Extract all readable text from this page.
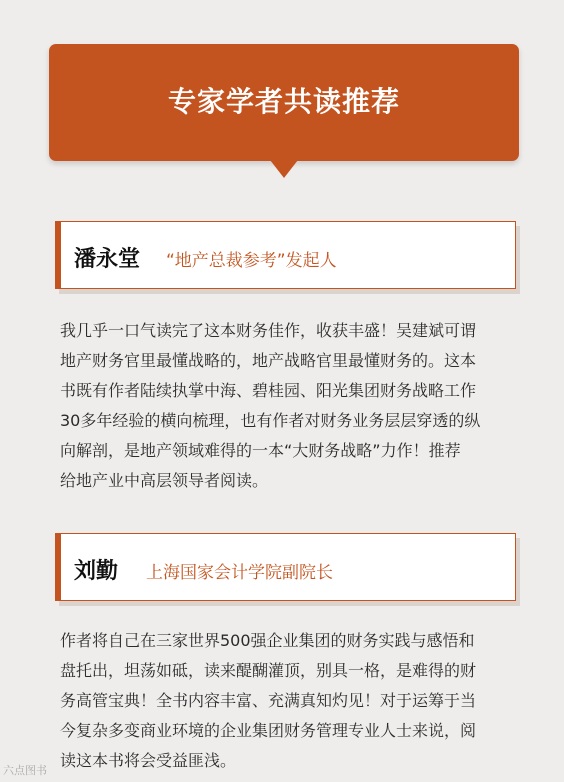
专家学者共读推荐
潘永堂 “地产总裁参考”发起人
我几乎一口气读完了这本财务佳作，收获丰盛！吴建斌可谓
地产财务官里最懂战略的，地产战略官里最懂财务的。这本
书既有作者陆续执掌中海、碧桂园、阳光集团财务战略工作
30多年经验的横向梳理，也有作者对财务业务层层穿透的纵
向解剖，是地产领域难得的一本“大财务战略”力作！推荐
给地产业中高层领导者阅读。
刘勤 上海国家会计学院副院长
作者将自己在三家世界500强企业集团的财务实践与感悟和
盘托出，坦荡如砥，读来醍醐灌顶，别具一格，是难得的财
务高管宝典！全书内容丰富、充满真知灼见！对于运筹于当
今复杂多变商业环境的企业集团财务管理专业人士来说，阅
读这本书将会受益匪浅。
六点图书
